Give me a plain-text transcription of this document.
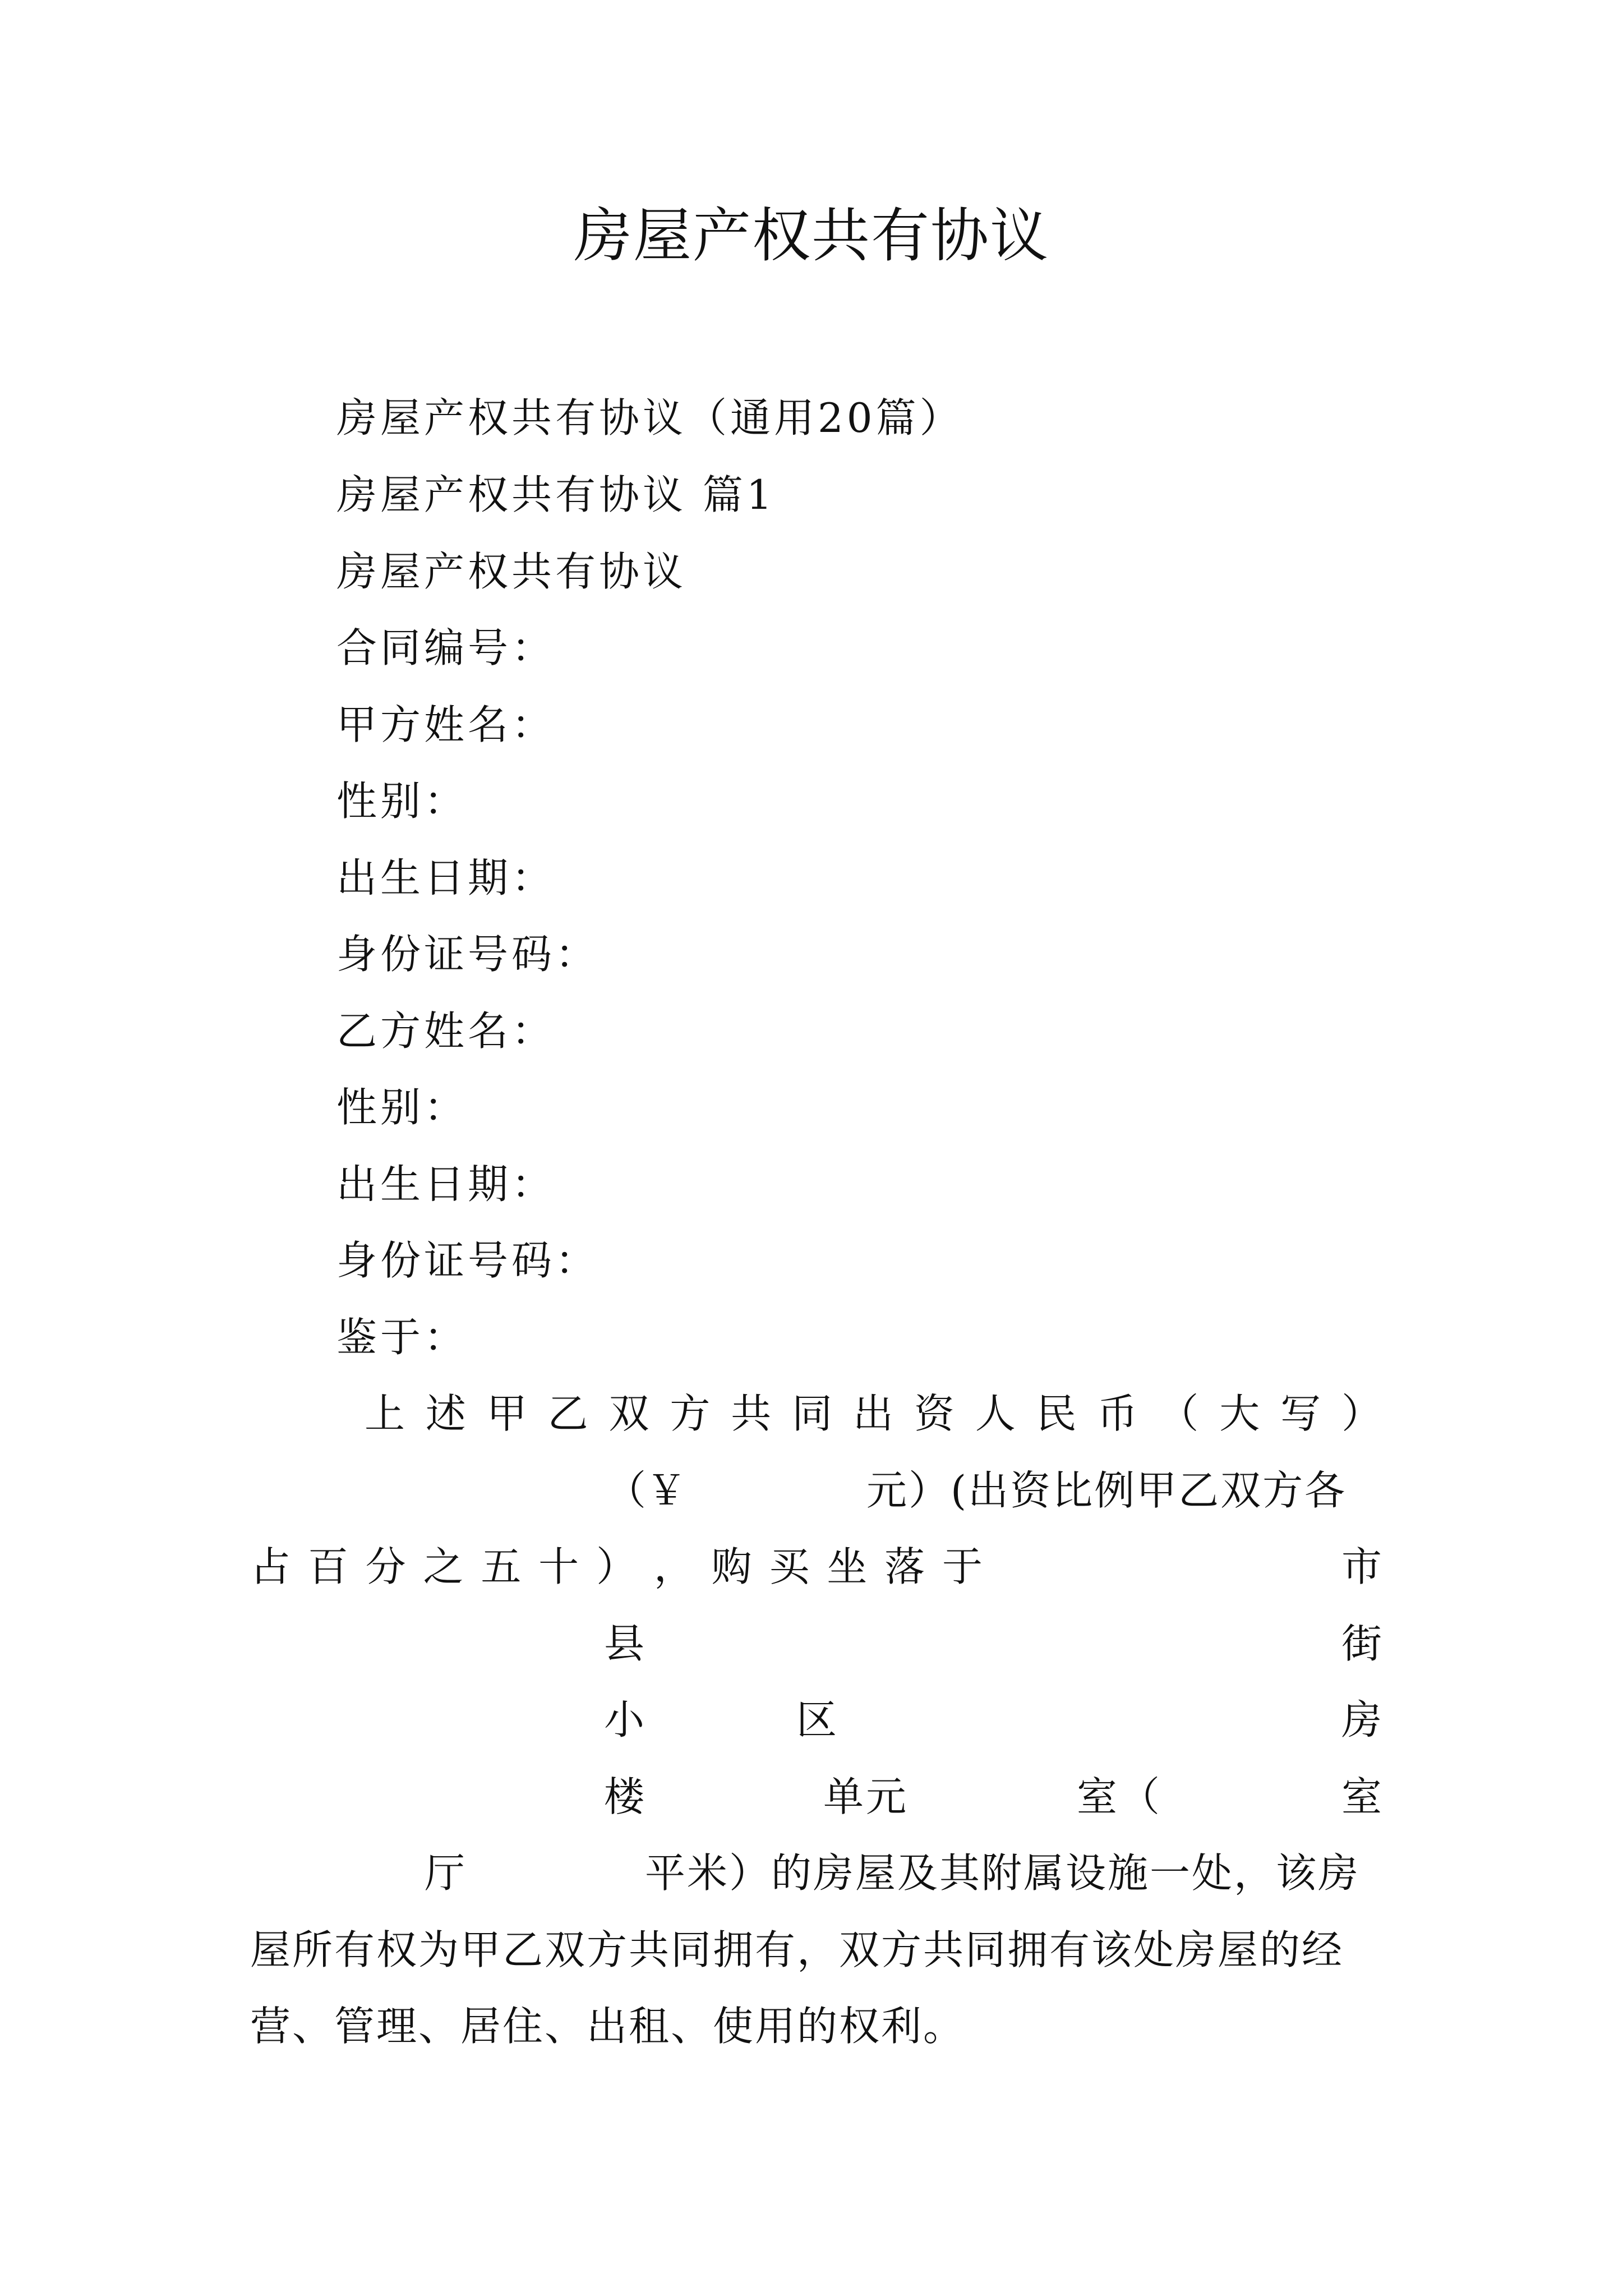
房屋产权共有协议
房屋产权共有协议（通用20篇）
房屋产权共有协议 篇1
房屋产权共有协议
合同编号：
甲方姓名：
性别：
出生日期：
身份证号码：
乙方姓名：
性别：
出生日期：
身份证号码：
鉴于：
上 述 甲 乙 双 方 共 同 出 资 人 民 币 （ 大 写 ）
（￥	元）(出资比例甲乙双方各
占 百 分 之 五 十 ） ， 购 买 坐 落 于	市
县	街
小	区	房
楼	单元	室（	室
厅	平米）的房屋及其附属设施一处，该房
屋所有权为甲乙双方共同拥有，双方共同拥有该处房屋的经
营、管理、居住、出租、使用的权利。
